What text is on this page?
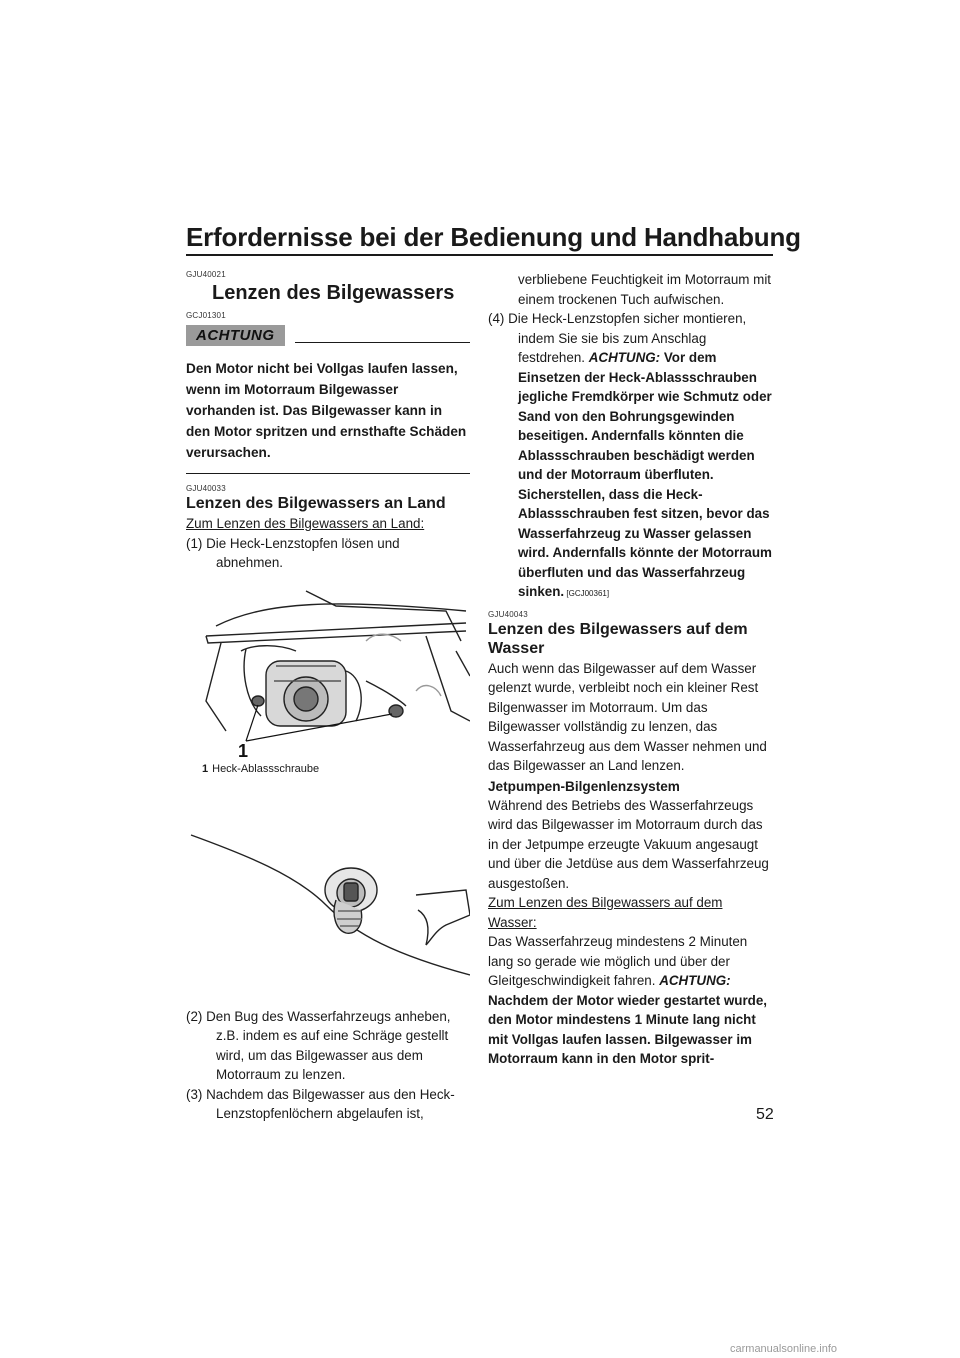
Erfordernisse bei der Bedienung und Handhabung
GJU40021
Lenzen des Bilgewassers
GCJ01301
ACHTUNG
Den Motor nicht bei Vollgas laufen lassen, wenn im Motorraum Bilgewasser vorhanden ist. Das Bilgewasser kann in den Motor spritzen und ernsthafte Schäden verursachen.
GJU40033
Lenzen des Bilgewassers an Land

Zum Lenzen des Bilgewassers an Land:

(1) Die Heck-Lenzstopfen lösen und abnehmen.

1
1 Heck-Ablassschraube

(2) Den Bug des Wasserfahrzeugs anheben, z.B. indem es auf eine Schräge gestellt wird, um das Bilgewasser aus dem Motorraum zu lenzen.

(3) Nachdem das Bilgewasser aus den Heck-Lenzstopfenlöchern abgelaufen ist,

verbliebene Feuchtigkeit im Motorraum mit einem trockenen Tuch aufwischen.

(4) Die Heck-Lenzstopfen sicher montieren, indem Sie sie bis zum Anschlag festdrehen. ACHTUNG: Vor dem Einsetzen der Heck-Ablassschrauben jegliche Fremdkörper wie Schmutz oder Sand von den Bohrungsgewinden beseitigen. Andernfalls könnten die Ablassschrauben beschädigt werden und der Motorraum überfluten. Sicherstellen, dass die Heck-Ablassschrauben fest sitzen, bevor das Wasserfahrzeug zu Wasser gelassen wird. Andernfalls könnte der Motorraum überfluten und das Wasserfahrzeug sinken. [GCJ00361]

GJU40043
Lenzen des Bilgewassers auf dem Wasser

Auch wenn das Bilgewasser auf dem Wasser gelenzt wurde, verbleibt noch ein kleiner Rest Bilgenwasser im Motorraum. Um das Bilgewasser vollständig zu lenzen, das Wasserfahrzeug aus dem Wasser nehmen und das Bilgewasser an Land lenzen.

Jetpumpen-Bilgenlenzsystem

Während des Betriebs des Wasserfahrzeugs wird das Bilgewasser im Motorraum durch das in der Jetpumpe erzeugte Vakuum angesaugt und über die Jetdüse aus dem Wasserfahrzeug ausgestoßen.

Zum Lenzen des Bilgewassers auf dem Wasser:

Das Wasserfahrzeug mindestens 2 Minuten lang so gerade wie möglich und über der Gleitgeschwindigkeit fahren. ACHTUNG: Nachdem der Motor wieder gestartet wurde, den Motor mindestens 1 Minute lang nicht mit Vollgas laufen lassen. Bilgewasser im Motorraum kann in den Motor sprit-

52
carmanualsonline.info
